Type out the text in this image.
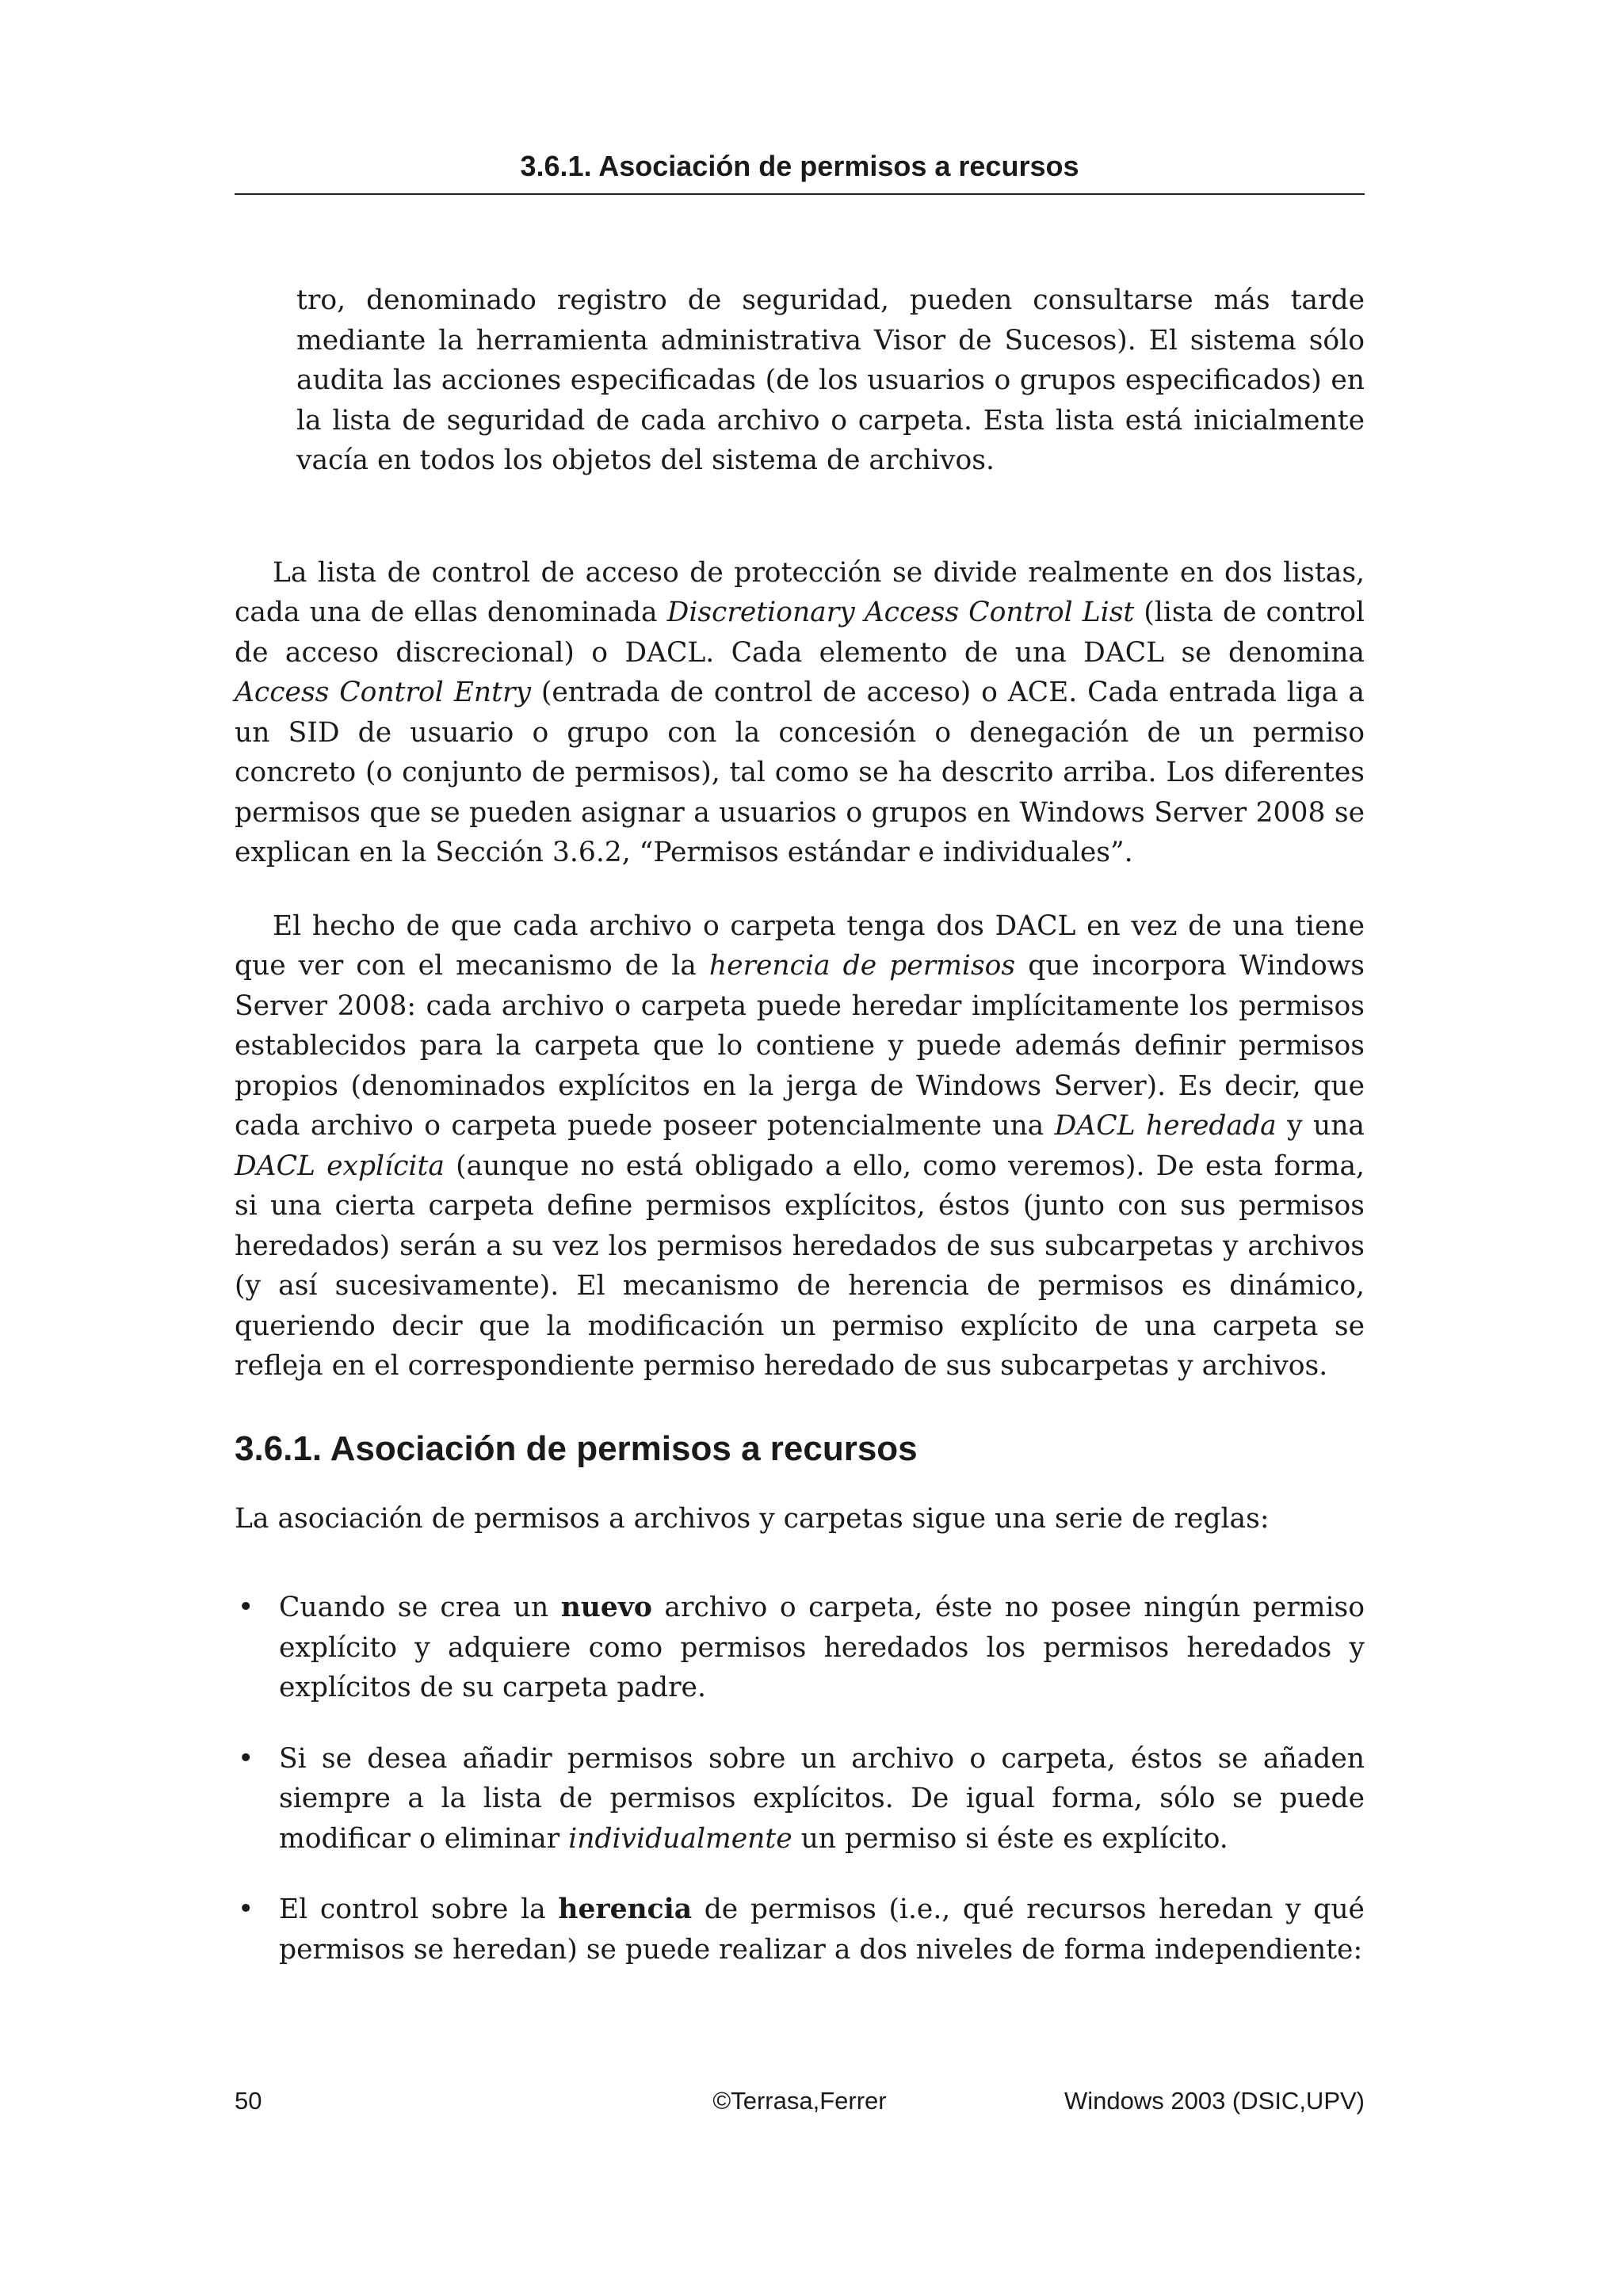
3.6.1. Asociación de permisos a recursos

tro, denominado registro de seguridad, pueden consultarse más tarde mediante la herramienta administrativa Visor de Sucesos). El sistema sólo audita las acciones especificadas (de los usuarios o grupos especificados) en la lista de seguridad de cada archivo o carpeta. Esta lista está inicialmente vacía en todos los objetos del sistema de archivos.

La lista de control de acceso de protección se divide realmente en dos listas, cada una de ellas denominada Discretionary Access Control List (lista de control de acceso discrecional) o DACL. Cada elemento de una DACL se denomina Access Control Entry (entrada de control de acceso) o ACE. Cada entrada liga a un SID de usuario o grupo con la concesión o denegación de un permiso concreto (o conjunto de permisos), tal como se ha descrito arriba. Los diferentes permisos que se pueden asignar a usuarios o grupos en Windows Server 2008 se explican en la Sección 3.6.2, “Permisos estándar e individuales”.

El hecho de que cada archivo o carpeta tenga dos DACL en vez de una tiene que ver con el mecanismo de la herencia de permisos que incorpora Windows Server 2008: cada archivo o carpeta puede heredar implícitamente los permisos establecidos para la carpeta que lo contiene y puede además definir permisos propios (denominados explícitos en la jerga de Windows Server). Es decir, que cada archivo o carpeta puede poseer potencialmente una DACL heredada y una DACL explícita (aunque no está obligado a ello, como veremos). De esta forma, si una cierta carpeta define permisos explícitos, éstos (junto con sus permisos heredados) serán a su vez los permisos heredados de sus subcarpetas y archivos (y así sucesivamente). El mecanismo de herencia de permisos es dinámico, queriendo decir que la modificación un permiso explícito de una carpeta se refleja en el correspondiente permiso heredado de sus subcarpetas y archivos.

3.6.1. Asociación de permisos a recursos

La asociación de permisos a archivos y carpetas sigue una serie de reglas:

• Cuando se crea un nuevo archivo o carpeta, éste no posee ningún permiso explícito y adquiere como permisos heredados los permisos heredados y explícitos de su carpeta padre.
• Si se desea añadir permisos sobre un archivo o carpeta, éstos se añaden siempre a la lista de permisos explícitos. De igual forma, sólo se puede modificar o eliminar individualmente un permiso si éste es explícito.
• El control sobre la herencia de permisos (i.e., qué recursos heredan y qué permisos se heredan) se puede realizar a dos niveles de forma independiente:
50	©Terrasa,Ferrer	Windows 2003 (DSIC,UPV)
